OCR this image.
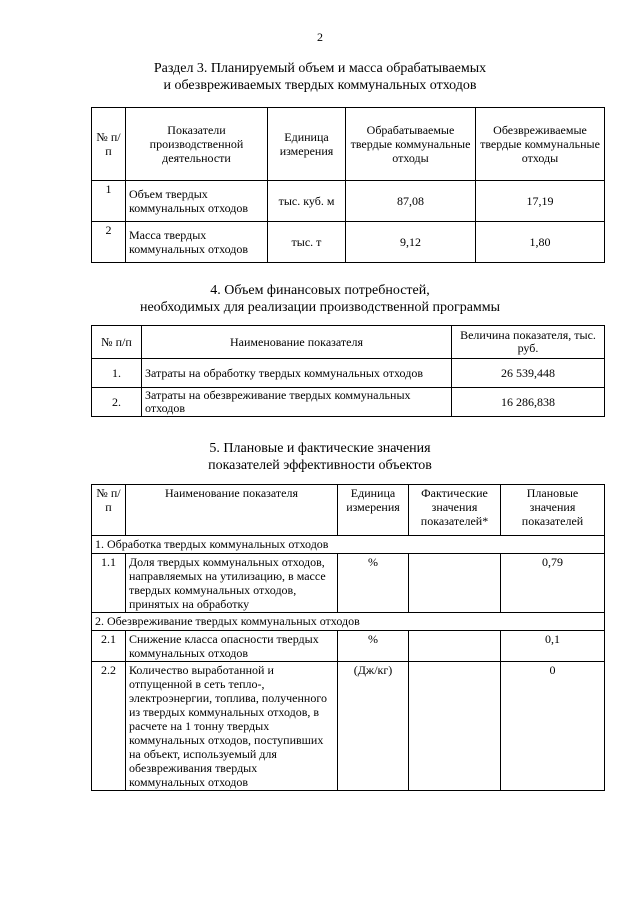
2
Раздел 3. Планируемый объем и масса обрабатываемых
и обезвреживаемых твердых коммунальных отходов
№ п/п	Показатели производственной деятельности	Единица измерения	Обрабатываемые твердые коммунальные отходы	Обезвреживаемые твердые коммунальные отходы
1	Объем твердых коммунальных отходов	тыс. куб. м	87,08	17,19
2	Масса твердых коммунальных отходов	тыс. т	9,12	1,80
4. Объем финансовых потребностей,
необходимых для реализации производственной программы
№ п/п	Наименование показателя	Величина показателя, тыс. руб.
1.	Затраты на обработку твердых коммунальных отходов	26 539,448
2.	Затраты на обезвреживание твердых коммунальных отходов	16 286,838
5. Плановые и фактические значения
показателей эффективности объектов
№ п/п	Наименование показателя	Единица измерения	Фактические значения показателей*	Плановые значения показателей
1. Обработка твердых коммунальных отходов				
1.1	Доля твердых коммунальных отходов, направляемых на утилизацию, в массе твердых коммунальных отходов, принятых на обработку	%		0,79
2. Обезвреживание твердых коммунальных отходов				
2.1	Снижение класса опасности твердых коммунальных отходов	%		0,1
2.2	Количество выработанной и отпущенной в сеть тепло-, электроэнергии, топлива, полученного из твердых коммунальных отходов, в расчете на 1 тонну твердых коммунальных отходов, поступивших на объект, используемый для обезвреживания твердых коммунальных отходов	(Дж/кг)		0
